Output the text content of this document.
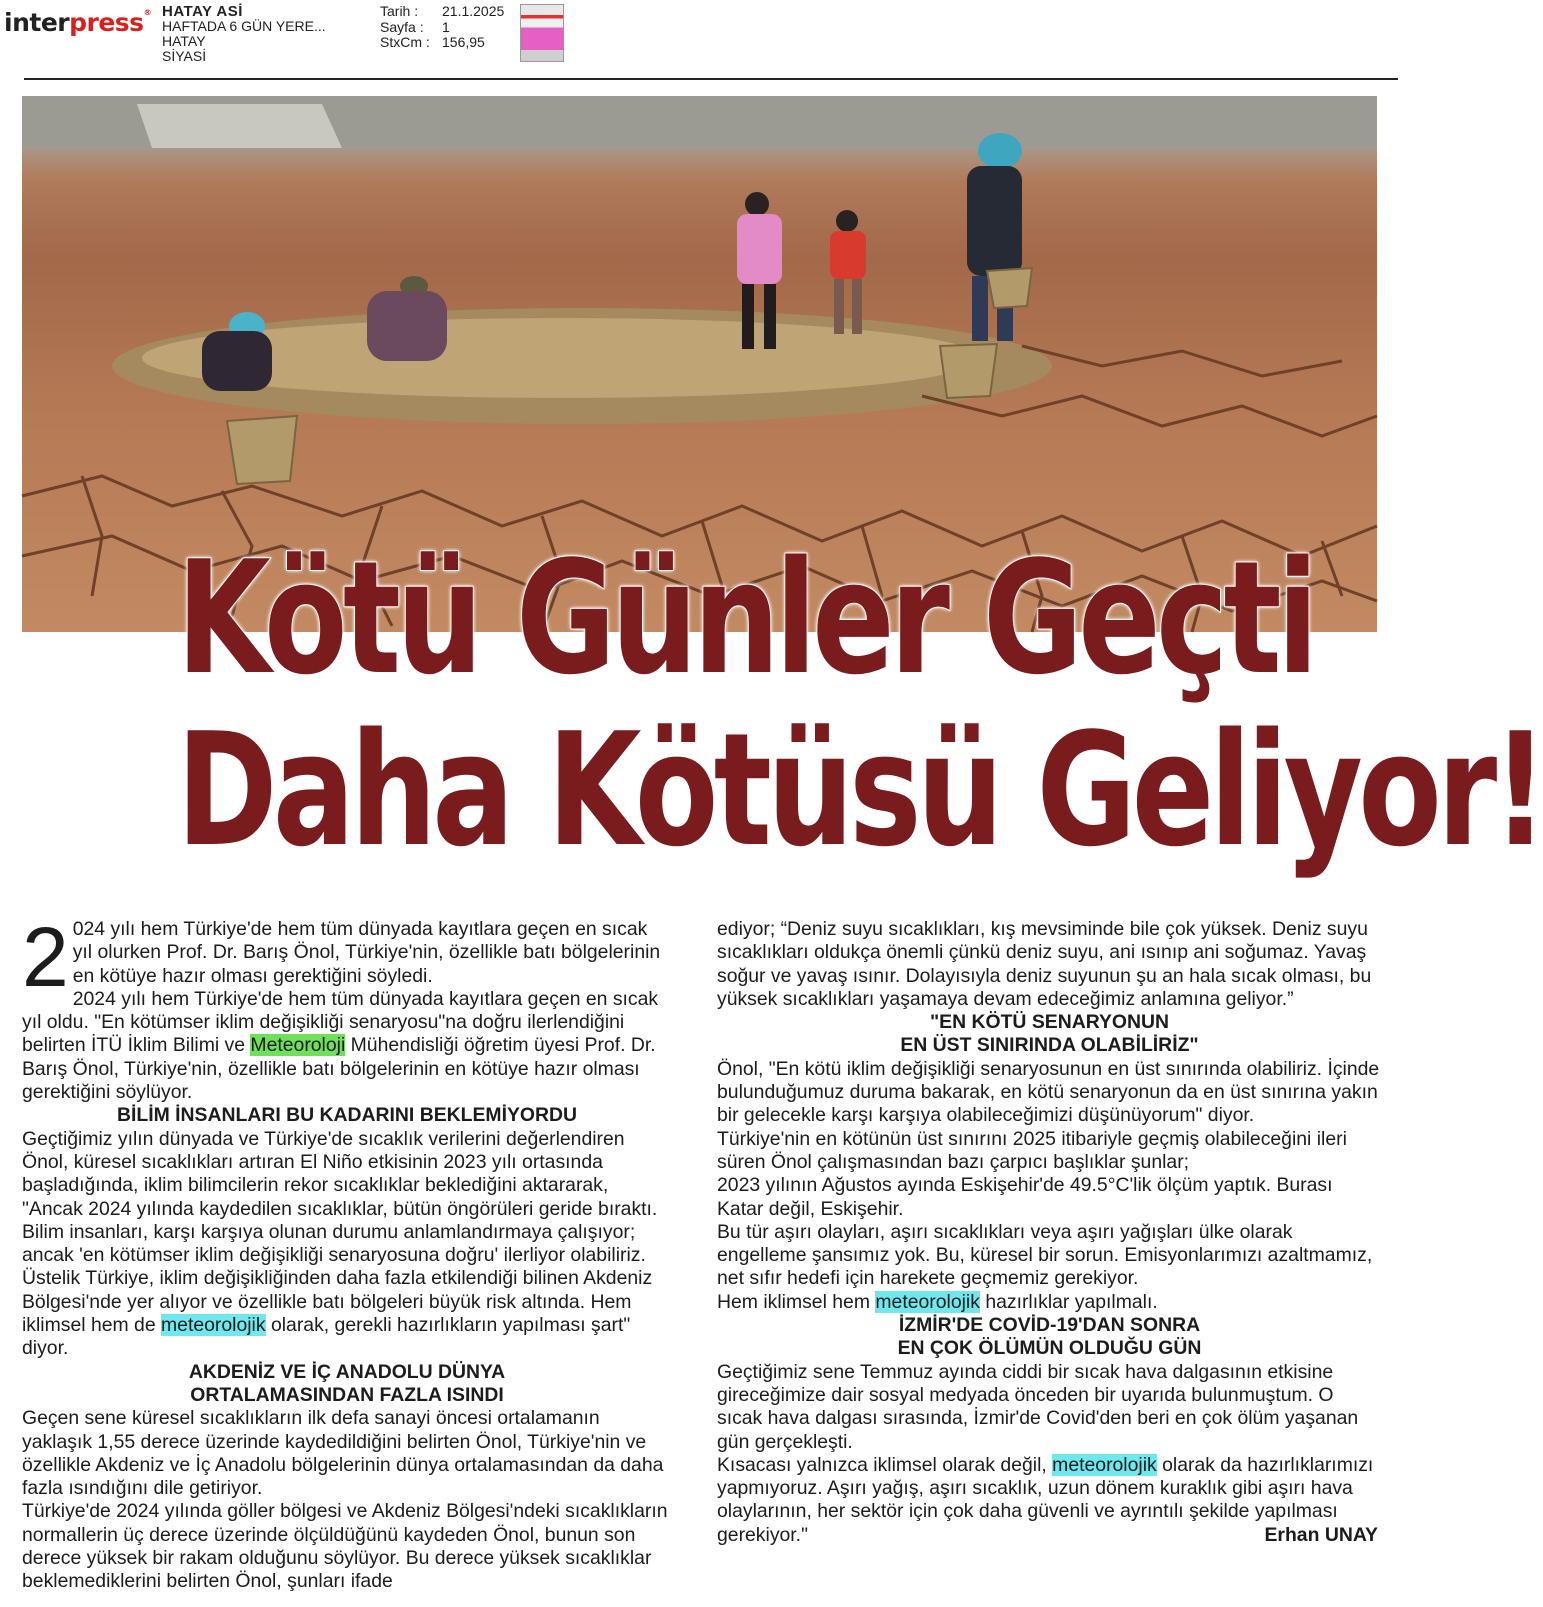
interpress® HATAY ASİ
HAFTADA 6 GÜN YERE...
HATAY
SİYASİ
Tarih :	21.1.2025
Sayfa :	1
StxCm : 156,95
Kötü Günler Geçti
Daha Kötüsü Geliyor!

2 024 yılı hem Türkiye'de hem tüm dünyada kayıtlara geçen en sıcak yıl olurken Prof. Dr. Barış Önol, Türkiye'nin, özellikle batı bölgelerinin en kötüye hazır olması gerektiğini söyledi.

2024 yılı hem Türkiye'de hem tüm dünyada kayıtlara geçen en sıcak yıl oldu. "En kötümser iklim değişikliği senaryosu"na doğru ilerlendiğini belirten İTÜ İklim Bilimi ve Meteoroloji Mühendisliği öğretim üyesi Prof. Dr. Barış Önol, Türkiye'nin, özellikle batı bölgelerinin en kötüye hazır olması gerektiğini söylüyor.

BİLİM İNSANLARI BU KADARINI BEKLEMİYORDU

Geçtiğimiz yılın dünyada ve Türkiye'de sıcaklık verilerini değerlendiren Önol, küresel sıcaklıkları artıran El Niño etkisinin 2023 yılı ortasında başladığında, iklim bilimcilerin rekor sıcaklıklar beklediğini aktararak, "Ancak 2024 yılında kaydedilen sıcaklıklar, bütün öngörüleri geride bıraktı. Bilim insanları, karşı karşıya olunan durumu anlamlandırmaya çalışıyor; ancak 'en kötümser iklim değişikliği senaryosuna doğru' ilerliyor olabiliriz. Üstelik Türkiye, iklim değişikliğinden daha fazla etkilendiği bilinen Akdeniz Bölgesi'nde yer alıyor ve özellikle batı bölgeleri büyük risk altında. Hem iklimsel hem de meteorolojik olarak, gerekli hazırlıkların yapılması şart" diyor.

AKDENİZ VE İÇ ANADOLU DÜNYA
ORTALAMASINDAN FAZLA ISINDI

Geçen sene küresel sıcaklıkların ilk defa sanayi öncesi ortalamanın yaklaşık 1,55 derece üzerinde kaydedildiğini belirten Önol, Türkiye'nin ve özellikle Akdeniz ve İç Anadolu bölgelerinin dünya ortalamasından da daha fazla ısındığını dile getiriyor.

Türkiye'de 2024 yılında göller bölgesi ve Akdeniz Bölgesi'ndeki sıcaklıkların normallerin üç derece üzerinde ölçüldüğünü kaydeden Önol, bunun son derece yüksek bir rakam olduğunu söylüyor. Bu derece yüksek sıcaklıklar beklemediklerini belirten Önol, şunları ifade

ediyor; “Deniz suyu sıcaklıkları, kış mevsiminde bile çok yüksek. Deniz suyu sıcaklıkları oldukça önemli çünkü deniz suyu, ani ısınıp ani soğumaz. Yavaş soğur ve yavaş ısınır. Dolayısıyla deniz suyunun şu an hala sıcak olması, bu yüksek sıcaklıkları yaşamaya devam edeceğimiz anlamına geliyor.”

"EN KÖTÜ SENARYONUN
EN ÜST SINIRINDA OLABİLİRİZ"

Önol, "En kötü iklim değişikliği senaryosunun en üst sınırında olabiliriz. İçinde bulunduğumuz duruma bakarak, en kötü senaryonun da en üst sınırına yakın bir gelecekle karşı karşıya olabileceğimizi düşünüyorum" diyor.

Türkiye'nin en kötünün üst sınırını 2025 itibariyle geçmiş olabileceğini ileri süren Önol çalışmasından bazı çarpıcı başlıklar şunlar;

2023 yılının Ağustos ayında Eskişehir'de 49.5°C'lik ölçüm yaptık. Burası Katar değil, Eskişehir.

Bu tür aşırı olayları, aşırı sıcaklıkları veya aşırı yağışları ülke olarak engelleme şansımız yok. Bu, küresel bir sorun. Emisyonlarımızı azaltmamız, net sıfır hedefi için harekete geçmemiz gerekiyor.

Hem iklimsel hem meteorolojik hazırlıklar yapılmalı.

İZMİR'DE COVİD-19'DAN SONRA
EN ÇOK ÖLÜMÜN OLDUĞU GÜN

Geçtiğimiz sene Temmuz ayında ciddi bir sıcak hava dalgasının etkisine gireceğimize dair sosyal medyada önceden bir uyarıda bulunmuştum. O sıcak hava dalgası sırasında, İzmir'de Covid'den beri en çok ölüm yaşanan gün gerçekleşti.

Kısacası yalnızca iklimsel olarak değil, meteorolojik olarak da hazırlıklarımızı yapmıyoruz. Aşırı yağış, aşırı sıcaklık, uzun dönem kuraklık gibi aşırı hava olaylarının, her sektör için çok daha güvenli ve ayrıntılı şekilde yapılması gerekiyor."	Erhan UNAY
